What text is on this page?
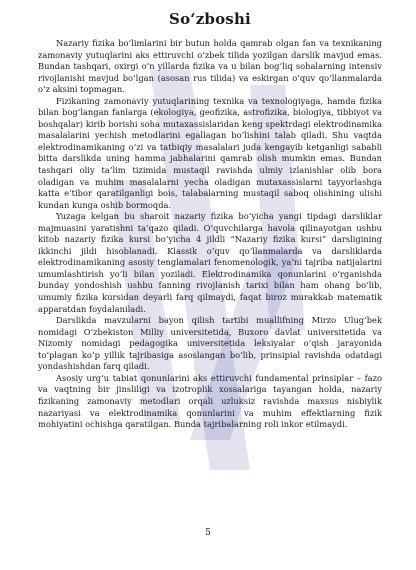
So‘zboshi

Nazariy fizika bo‘limlarini bir butun holda qamrab olgan fan va texnikaning zamonaviy yutuqlarini aks ettiruvchi o‘zbek tilida yozilgan darslik mavjud emas. Bundan tashqari, oxirgi o‘n yillarda fizika va u bilan bog‘liq sohalarning intensiv rivojlanishi mavjud bo‘lgan (asosan rus tilida) va eskirgan o‘quv qo‘llanmalarda o‘z aksini topmagan.

Fizikaning zamonaviy yutuqlarining texnika va texnologiyaga, hamda fizika bilan bog‘langan fanlarga (ekologiya, geofizika, astrofizika, biologiya, tibbiyot va boshqalar) kirib borishi soha mutaxassislaridan keng spektrdagi elektrodinamika masalalarini yechish metodlarini egallagan bo‘lishini talab qiladi. Shu vaqtda elektrodinamikaning o‘zi va tatbiqiy masalalari juda kengayib ketganligi sababli bitta darslikda uning hamma jabhalarini qamrab olish mumkin emas. Bundan tashqari oliy ta’lim tizimida mustaqil ravishda ulmiy izlanishlar olib bora oladigan va muhim masalalarni yecha oladigan mutaxassislarni tayyorlashga katta e’tibor qaratilganligi bois, talabalarning mustaqil saboq olishining ulishi kundan kunga oshib bormoqda.

Yuzaga kelgan bu sharoit nazariy fizika bo‘yicha yangi tipdagi darsliklar majmuasini yaratishni ta’qazo qiladi. O‘quvchilarga havola qilinayotgan ushbu kitob nazariy fizika kursi bo‘yicha 4 jildli “Nazariy fizika kursi” darsligining ikkinchi jildi hisoblanadi. Klassik o‘quv qo‘llanmalarda va darsliklarda elektrodinamikaning asosiy tenglamalari fenomenologik, ya’ni tajriba natijalarini umumlashtirish yo‘li bilan yoziladi. Elektrodinamika qonunlarini o‘rganishda bunday yondoshish ushbu fanning rivojlanish tarixi bilan ham ohang bo‘lib, umumiy fizika kursidan deyarli farq qilmaydi, faqat biroz murakkab matematik apparatdan foydalaniladi.

Darslikda mavzularni bayon qilish tartibi muallifning Mirzo Ulug‘bek nomidagi O‘zbekiston Milliy universitetida, Buxoro davlat universitetida va Nizomiy nomidagi pedagogika universitetida leksiyalar o‘qish jarayonida to‘plagan ko‘p yillik tajribasiga asoslangan bo‘lib, prinsipial ravishda odatdagi yondashishdan farq qiladi.

Asosiy urg‘u tabiat qonunlarini aks ettiruvchi fundamental prinsiplar – fazo va vaqtning bir jinsliligi va izotroplik xossalariga tayangan holda, nazariy fizikaning zamonaviy metodlari orqali uzluksiz ravishda maxsus nisbiylik nazariyasi va elektrodinamika qonunlarini va muhim effektlarning fizik mohiyatini ochishga qaratilgan. Bunda tajribalarning roli inkor etilmaydi.

5
